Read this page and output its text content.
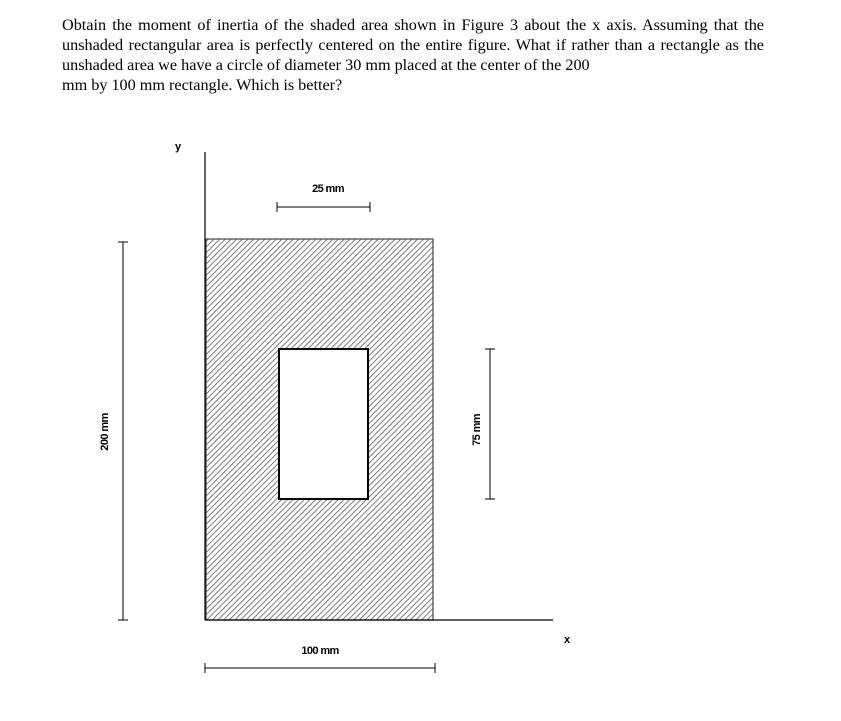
Obtain the moment of inertia of the shaded area shown in Figure 3 about the x axis. Assuming that the unshaded rectangular area is perfectly centered on the entire figure. What if rather than a rectangle as the unshaded area we have a circle of diameter 30 mm placed at the center of the 200
mm by 100 mm rectangle. Which is better?

y
x
25 mm
75 mm
200 mm
100 mm
